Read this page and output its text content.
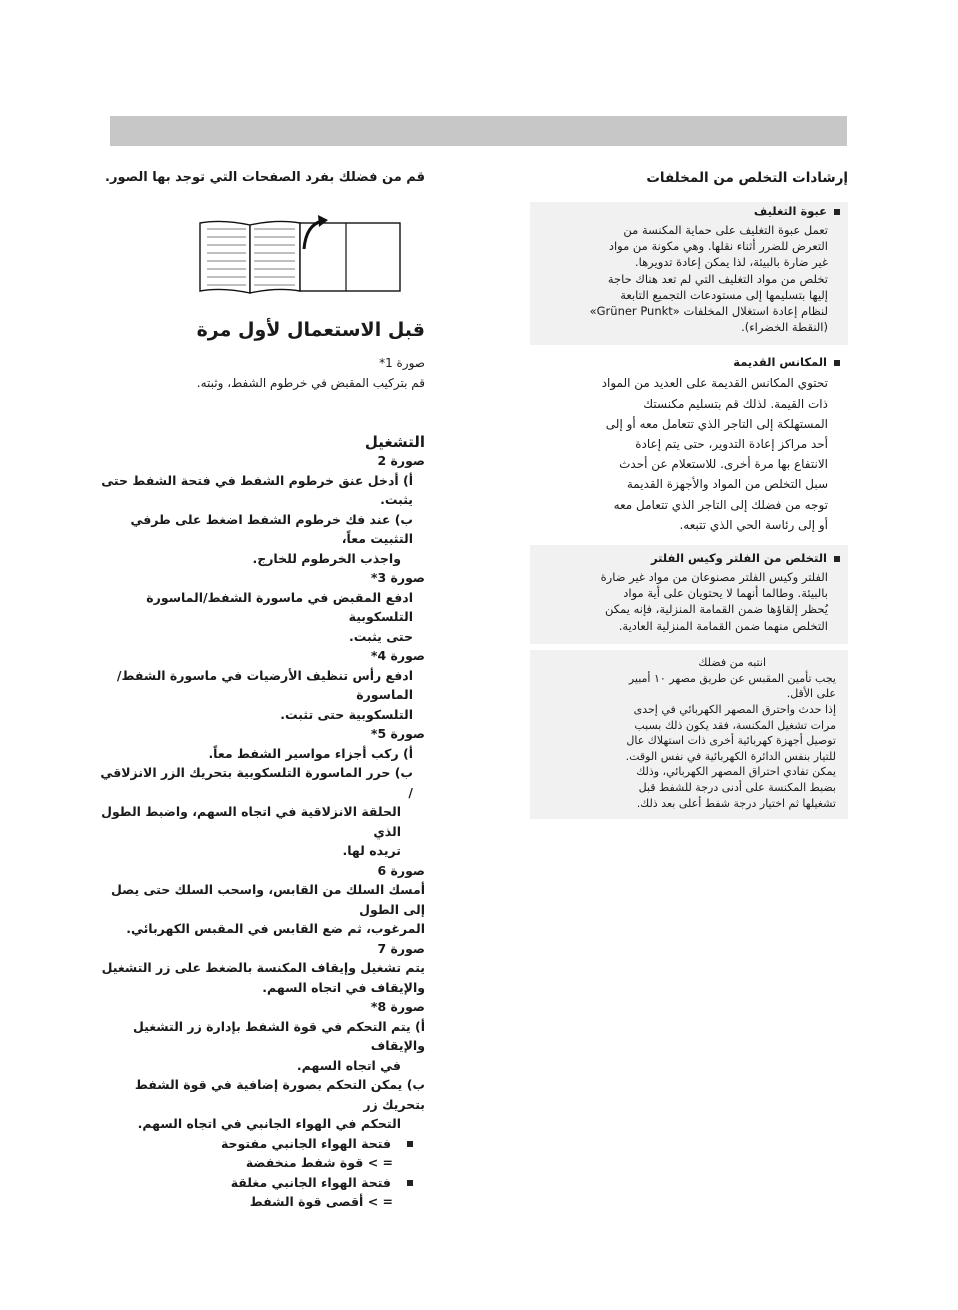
إرشادات التخلص من المخلفات

عبوة التغليف

تعمل عبوة التغليف على حماية المكنسة من
التعرض للضرر أثناء نقلها. وهي مكونة من مواد
غير ضارة بالبيئة، لذا يمكن إعادة تدويرها.
تخلص من مواد التغليف التي لم تعد هناك حاجة
إليها بتسليمها إلى مستودعات التجميع التابعة
لنظام إعادة استغلال المخلفات «Grüner Punkt»
(النقطة الخضراء).

المكانس القديمة

تحتوي المكانس القديمة على العديد من المواد
ذات القيمة. لذلك قم بتسليم مكنستك
المستهلكة إلى التاجر الذي تتعامل معه أو إلى
أحد مراكز إعادة التدوير، حتى يتم إعادة
الانتفاع بها مرة أخرى. للاستعلام عن أحدث
سبل التخلص من المواد والأجهزة القديمة
توجه من فضلك إلى التاجر الذي تتعامل معه
أو إلى رئاسة الحي الذي تتبعه.

التخلص من الفلتر وكيس الفلتر

الفلتر وكيس الفلتر مصنوعان من مواد غير ضارة
بالبيئة. وطالما أنهما لا يحتويان على أية مواد
يُحظر إلقاؤها ضمن القمامة المنزلية، فإنه يمكن
التخلص منهما ضمن القمامة المنزلية العادية.

انتبه من فضلك

يجب تأمين المقبس عن طريق مصهر ١٠ أمبير
على الأقل.
إذا حدث واحترق المصهر الكهربائي في إحدى
مرات تشغيل المكنسة، فقد يكون ذلك بسبب
توصيل أجهزة كهربائية أخرى ذات استهلاك عال
للتيار بنفس الدائرة الكهربائية في نفس الوقت.
يمكن تفادي احتراق المصهر الكهربائي، وذلك
بضبط المكنسة على أدنى درجة للشفط قبل
تشغيلها ثم اختيار درجة شفط أعلى بعد ذلك.

قم من فضلك بفرد الصفحات التي توجد بها الصور.

قبل الاستعمال لأول مرة

صورة 1*

قم بتركيب المقبض في خرطوم الشفط، وثبته.

التشغيل

صورة 2

أ) أدخل عنق خرطوم الشفط في فتحة الشفط حتى يثبت.

ب) عند فك خرطوم الشفط اضغط على طرفي التثبيت معاً،

واجذب الخرطوم للخارج.

صورة 3*

ادفع المقبض في ماسورة الشفط/الماسورة التلسكوبية

حتى يثبت.

صورة 4*

ادفع رأس تنظيف الأرضيات في ماسورة الشفط/الماسورة

التلسكوبية حتى تثبت.

صورة 5*

أ) ركب أجزاء مواسير الشفط معاً.

ب) حرر الماسورة التلسكوبية بتحريك الزر الانزلاقي /

الحلقة الانزلاقية في اتجاه السهم، واضبط الطول الذي

تريده لها.

صورة 6

أمسك السلك من القابس، واسحب السلك حتى يصل إلى الطول

المرغوب، ثم ضع القابس في المقبس الكهربائي.

صورة 7

يتم تشغيل وإيقاف المكنسة بالضغط على زر التشغيل

والإيقاف في اتجاه السهم.

صورة 8*

أ) يتم التحكم في قوة الشفط بإدارة زر التشغيل والإيقاف

في اتجاه السهم.

ب) يمكن التحكم بصورة إضافية في قوة الشفط بتحريك زر

التحكم في الهواء الجانبي في اتجاه السهم.

فتحة الهواء الجانبي مفتوحة

= > قوة شفط منخفضة

فتحة الهواء الجانبي مغلقة

= > أقصى قوة الشفط
